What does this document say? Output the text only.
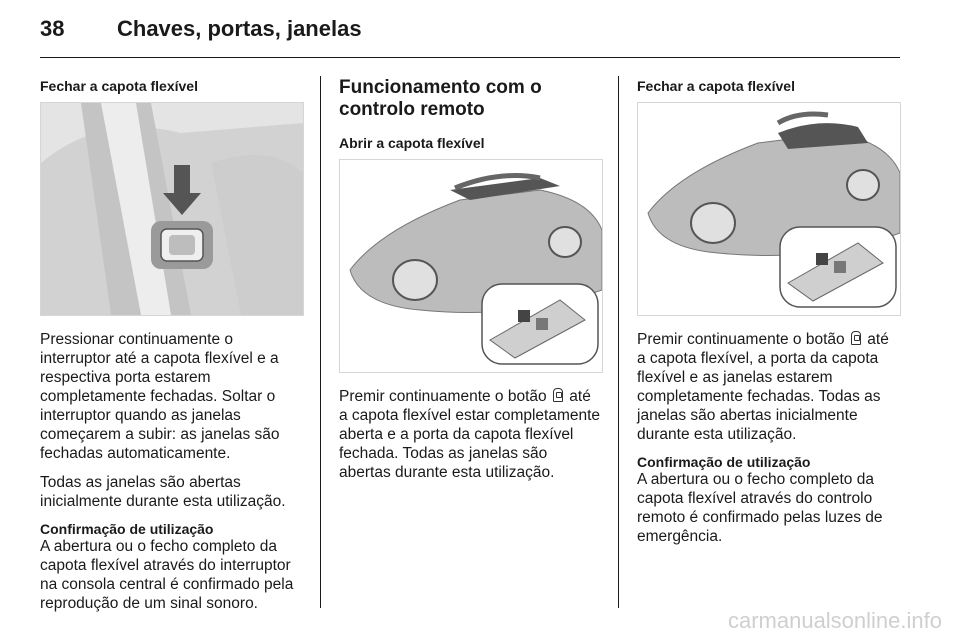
38 Chaves, portas, janelas
Fechar a capota flexível

Pressionar continuamente o interruptor até a capota flexível e a respectiva porta estarem completamente fechadas. Soltar o interruptor quando as janelas começarem a subir: as janelas são fechadas automaticamente.

Todas as janelas são abertas inicialmente durante esta utilização.

Confirmação de utilização

A abertura ou o fecho completo da capota flexível através do interruptor na consola central é confirmado pela reprodução de um sinal sonoro.

Funcionamento com o controlo remoto
Abrir a capota flexível

Premir continuamente o botão até a capota flexível estar completamente aberta e a porta da capota flexível fechada. Todas as janelas são abertas durante esta utilização.

Fechar a capota flexível

Premir continuamente o botão até a capota flexível, a porta da capota flexível e as janelas estarem completamente fechadas. Todas as janelas são abertas inicialmente durante esta utilização.

Confirmação de utilização

A abertura ou o fecho completo da capota flexível através do controlo remoto é confirmado pelas luzes de emergência.

carmanualsonline.info
